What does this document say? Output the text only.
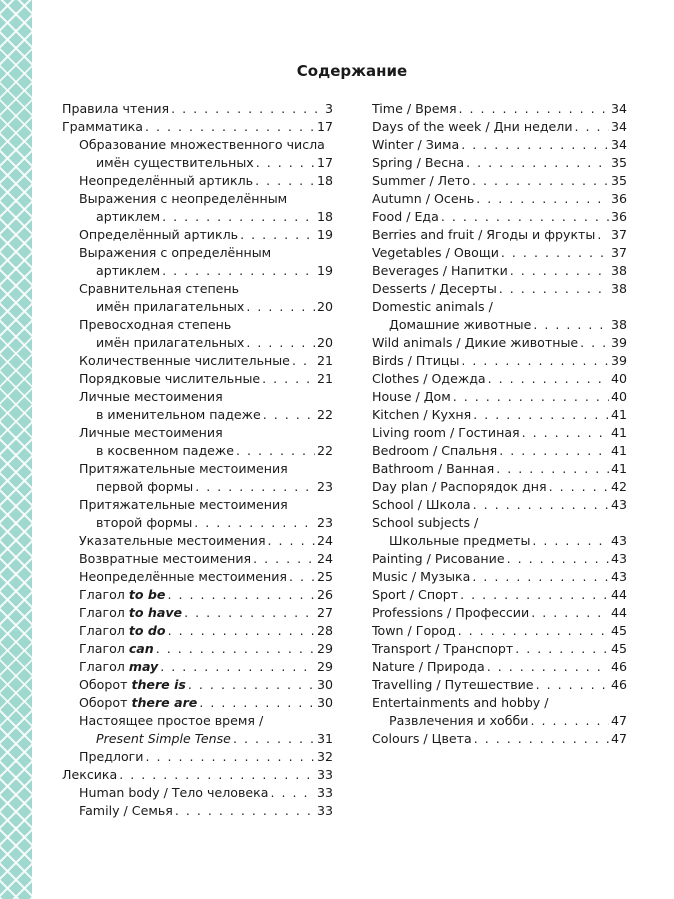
Содержание
Правила чтения . . .	3
Грамматика . . .	17
Образование множественного числа
имён существительных . . .	17
Неопределённый артикль . . .	18
Выражения с неопределённым
артиклем . . .	18
Определённый артикль . . .	19
Выражения с определённым
артиклем . . .	19
Сравнительная степень
имён прилагательных . . .	20
Превосходная степень
имён прилагательных . . .	20
Количественные числительные . . . 21
Порядковые числительные . . .	21
Личные местоимения
в именительном падеже . . .	22
Личные местоимения
в косвенном падеже . . .	22
Притяжательные местоимения
первой формы . . .	23
Притяжательные местоимения
второй формы . . .	23
Указательные местоимения . . .	24
Возвратные местоимения . . .	24
Неопределённые местоимения . . . 25
Глагол to be . . .	26
Глагол to have . . .	27
Глагол to do . . .	28
Глагол can . . .	29
Глагол may . . .	29
Оборот there is . . .	30
Оборот there are . . .	30
Настоящее простое время /
Present Simple Tense . . .	31
Предлоги . . .	32
Лексика . . .	33
Human body / Тело человека . . .	33
Family / Семья . . .	33
Time / Время . . .	34
Days of the week / Дни недели . . .	34
Winter / Зима . . .	34
Spring / Весна . . .	35
Summer / Лето . . .	35
Autumn / Осень . . .	36
Food / Еда . . .	36
Berries and fruit / Ягоды и фрукты . . . 37
Vegetables / Овощи . . .	37
Beverages / Напитки . . .	38
Desserts / Десерты . . .	38
Domestic animals /
Домашние животные . . .	38
Wild animals / Дикие животные . . .	39
Birds / Птицы . . .	39
Clothes / Одежда . . .	40
House / Дом . . .	40
Kitchen / Кухня . . .	41
Living room / Гостиная . . .	41
Bedroom / Спальня . . .	41
Bathroom / Ванная . . .	41
Day plan / Распорядок дня . . .	42
School / Школа . . .	43
School subjects /
Школьные предметы . . .	43
Painting / Рисование . . .	43
Music / Музыка . . .	43
Sport / Спорт . . .	44
Professions / Профессии . . .	44
Town / Город . . .	45
Transport / Транспорт . . .	45
Nature / Природа . . .	46
Travelling / Путешествие . . .	46
Entertainments and hobby /
Развлечения и хобби . . .	47
Colours / Цвета . . .	47
